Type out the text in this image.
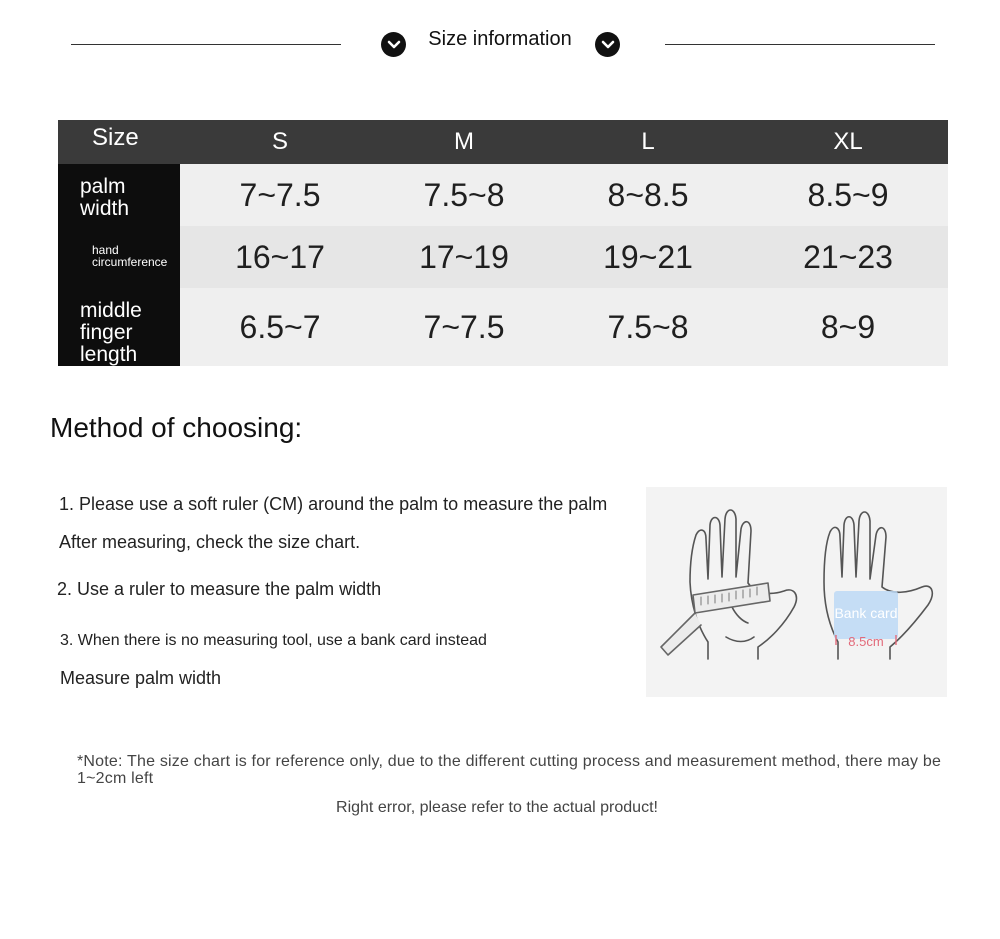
Size information
Size	S	M	L	XL
palm width	7~7.5	7.5~8	8~8.5	8.5~9
hand circumference	16~17	17~19	19~21	21~23
middle finger length	6.5~7	7~7.5	7.5~8	8~9
Method of choosing:
1. Please use a soft ruler (CM) around the palm to measure the palm
After measuring, check the size chart.
2. Use a ruler to measure the palm width
3. When there is no measuring tool, use a bank card instead
Measure palm width
Bank card
8.5cm
*Note: The size chart is for reference only, due to the different cutting process and measurement method, there may be 1~2cm left
Right error, please refer to the actual product!
